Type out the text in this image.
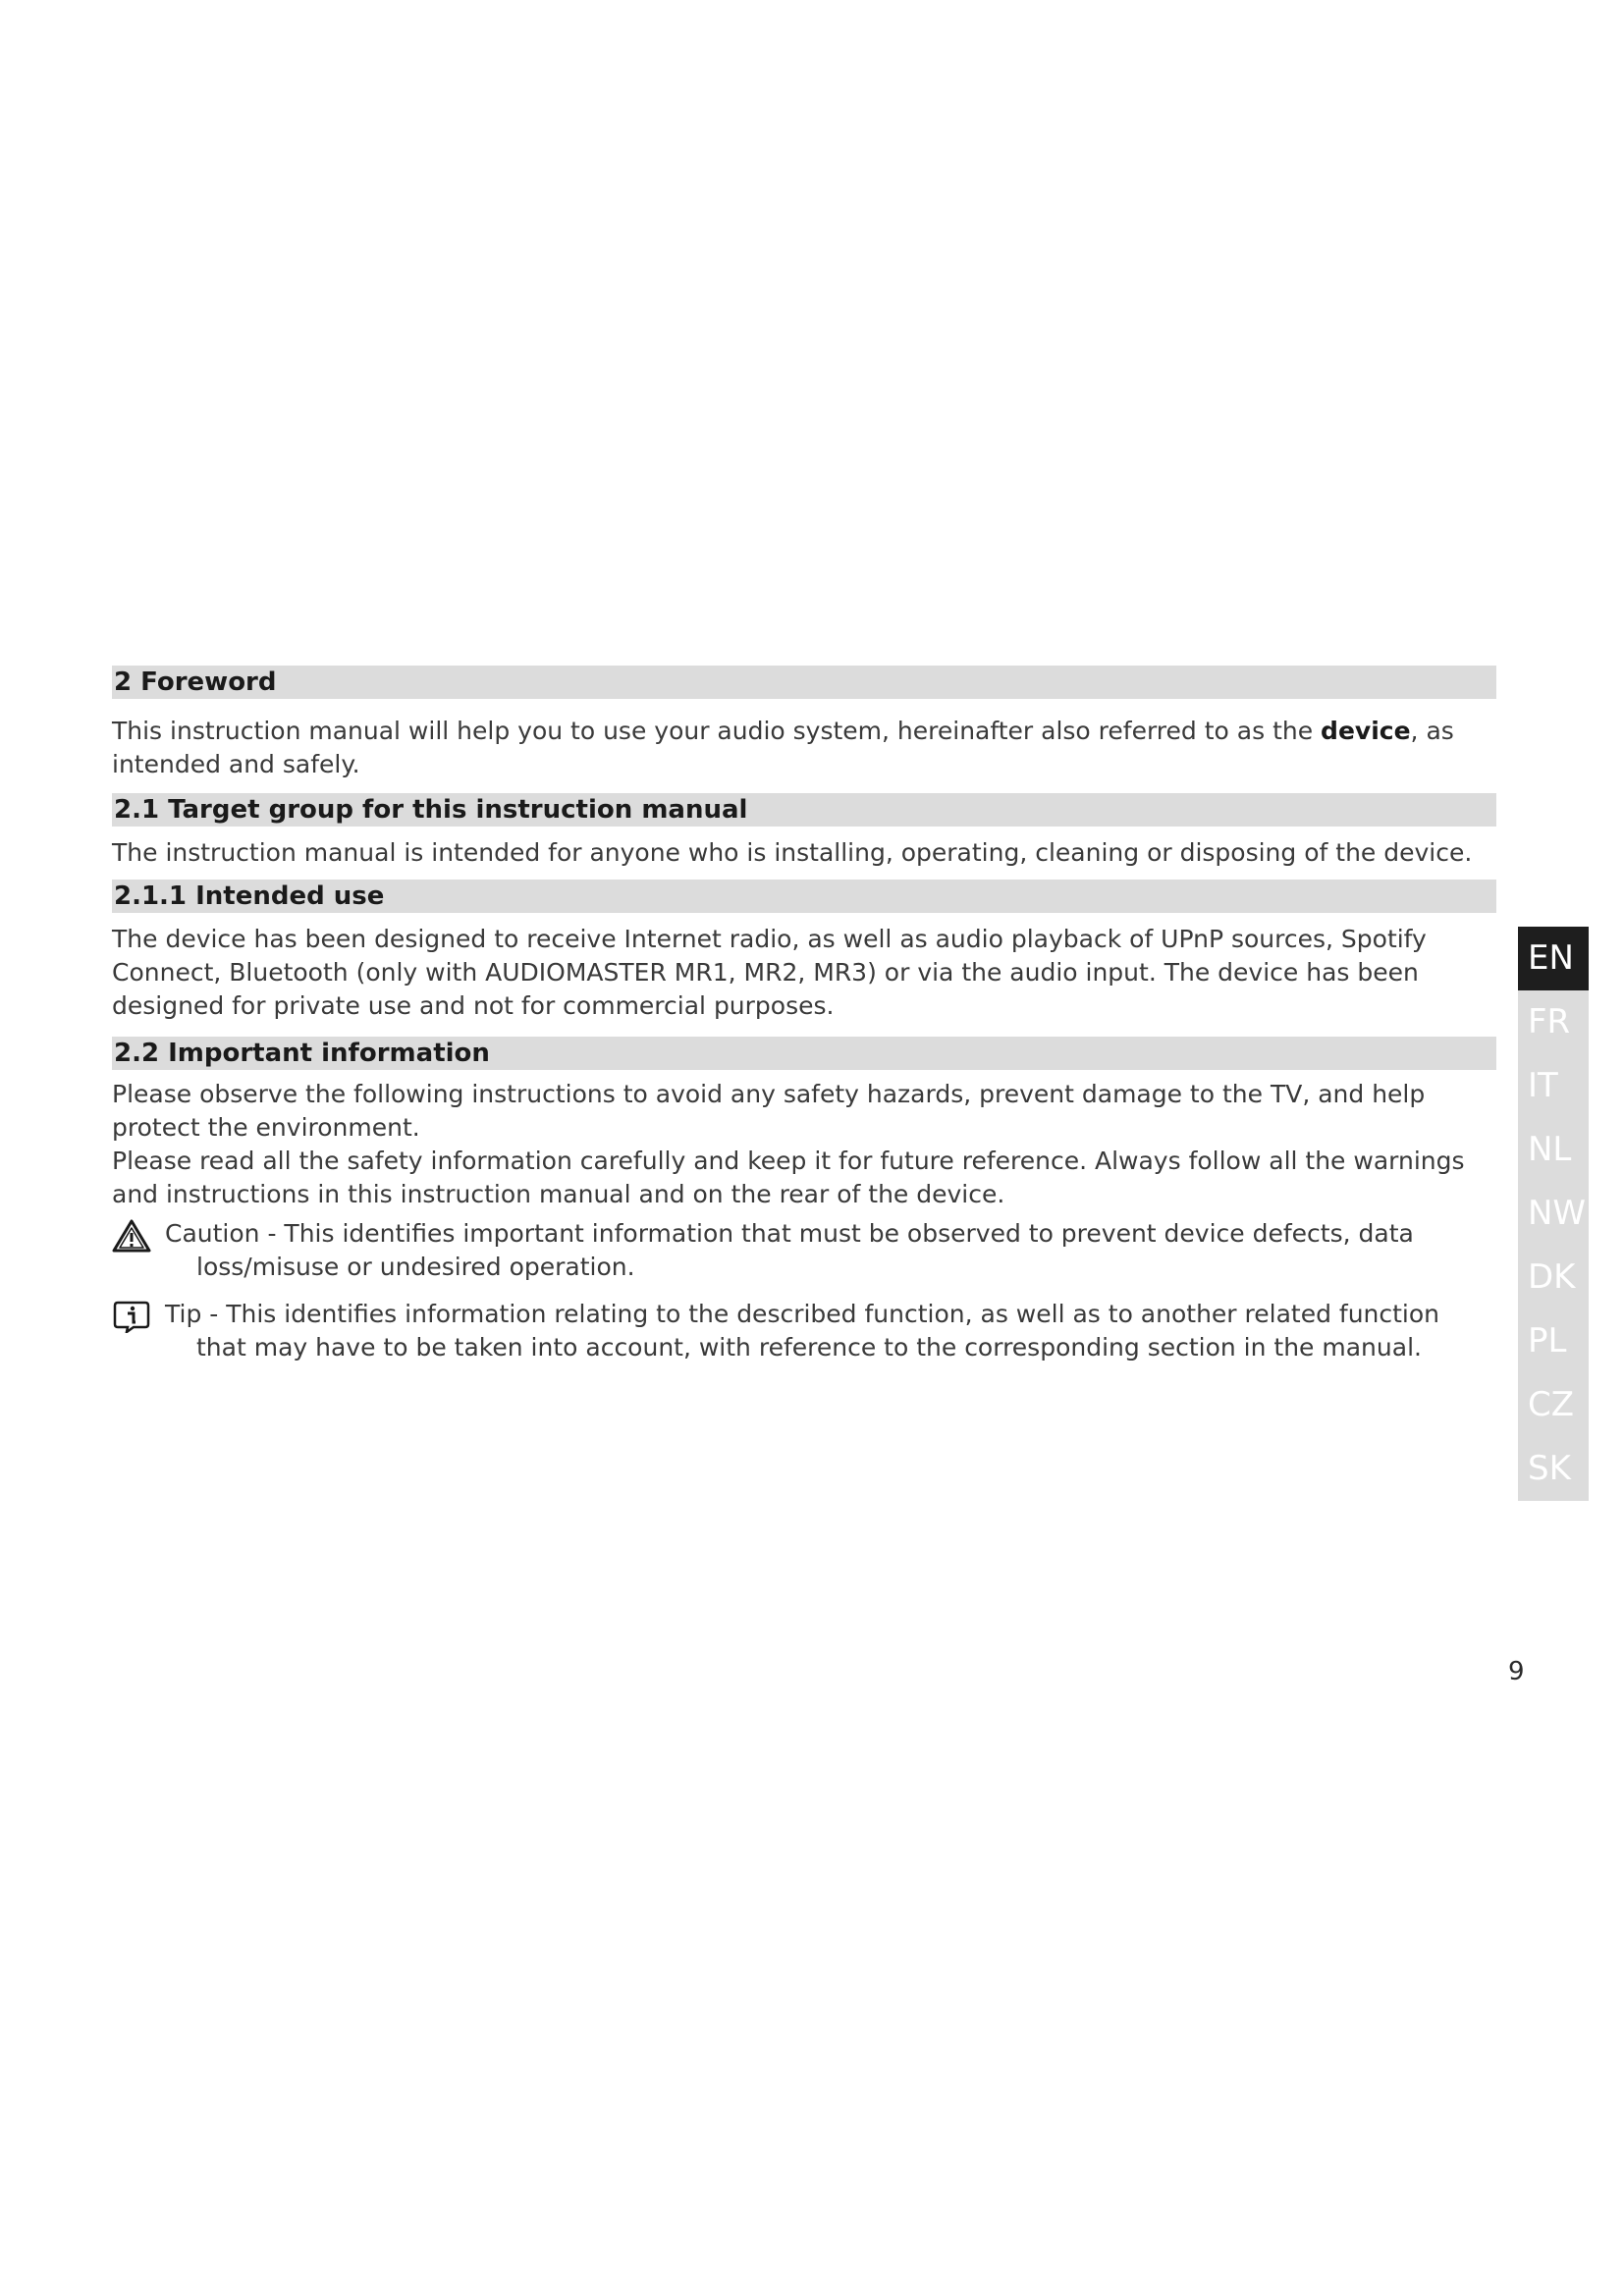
2 Foreword

This instruction manual will help you to use your audio system, hereinafter also referred to as the device, as intended and safely.

2.1 Target group for this instruction manual

The instruction manual is intended for anyone who is installing, operating, cleaning or disposing of the device.

2.1.1 Intended use

The device has been designed to receive Internet radio, as well as audio playback of UPnP sources, Spotify Connect, Bluetooth (only with AUDIOMASTER MR1, MR2, MR3) or via the audio input. The device has been designed for private use and not for commercial purposes.

2.2 Important information

Please observe the following instructions to avoid any safety hazards, prevent damage to the TV, and help protect the environment.

Please read all the safety information carefully and keep it for future reference. Always follow all the warnings and instructions in this instruction manual and on the rear of the device.

Caution - This identifies important information that must be observed to prevent device defects, data
loss/misuse or undesired operation.
Tip - This identifies information relating to the described function, as well as to another related function
that may have to be taken into account, with reference to the corresponding section in the manual.
EN
FR
IT
NL
NW
DK
PL
CZ
SK
9
